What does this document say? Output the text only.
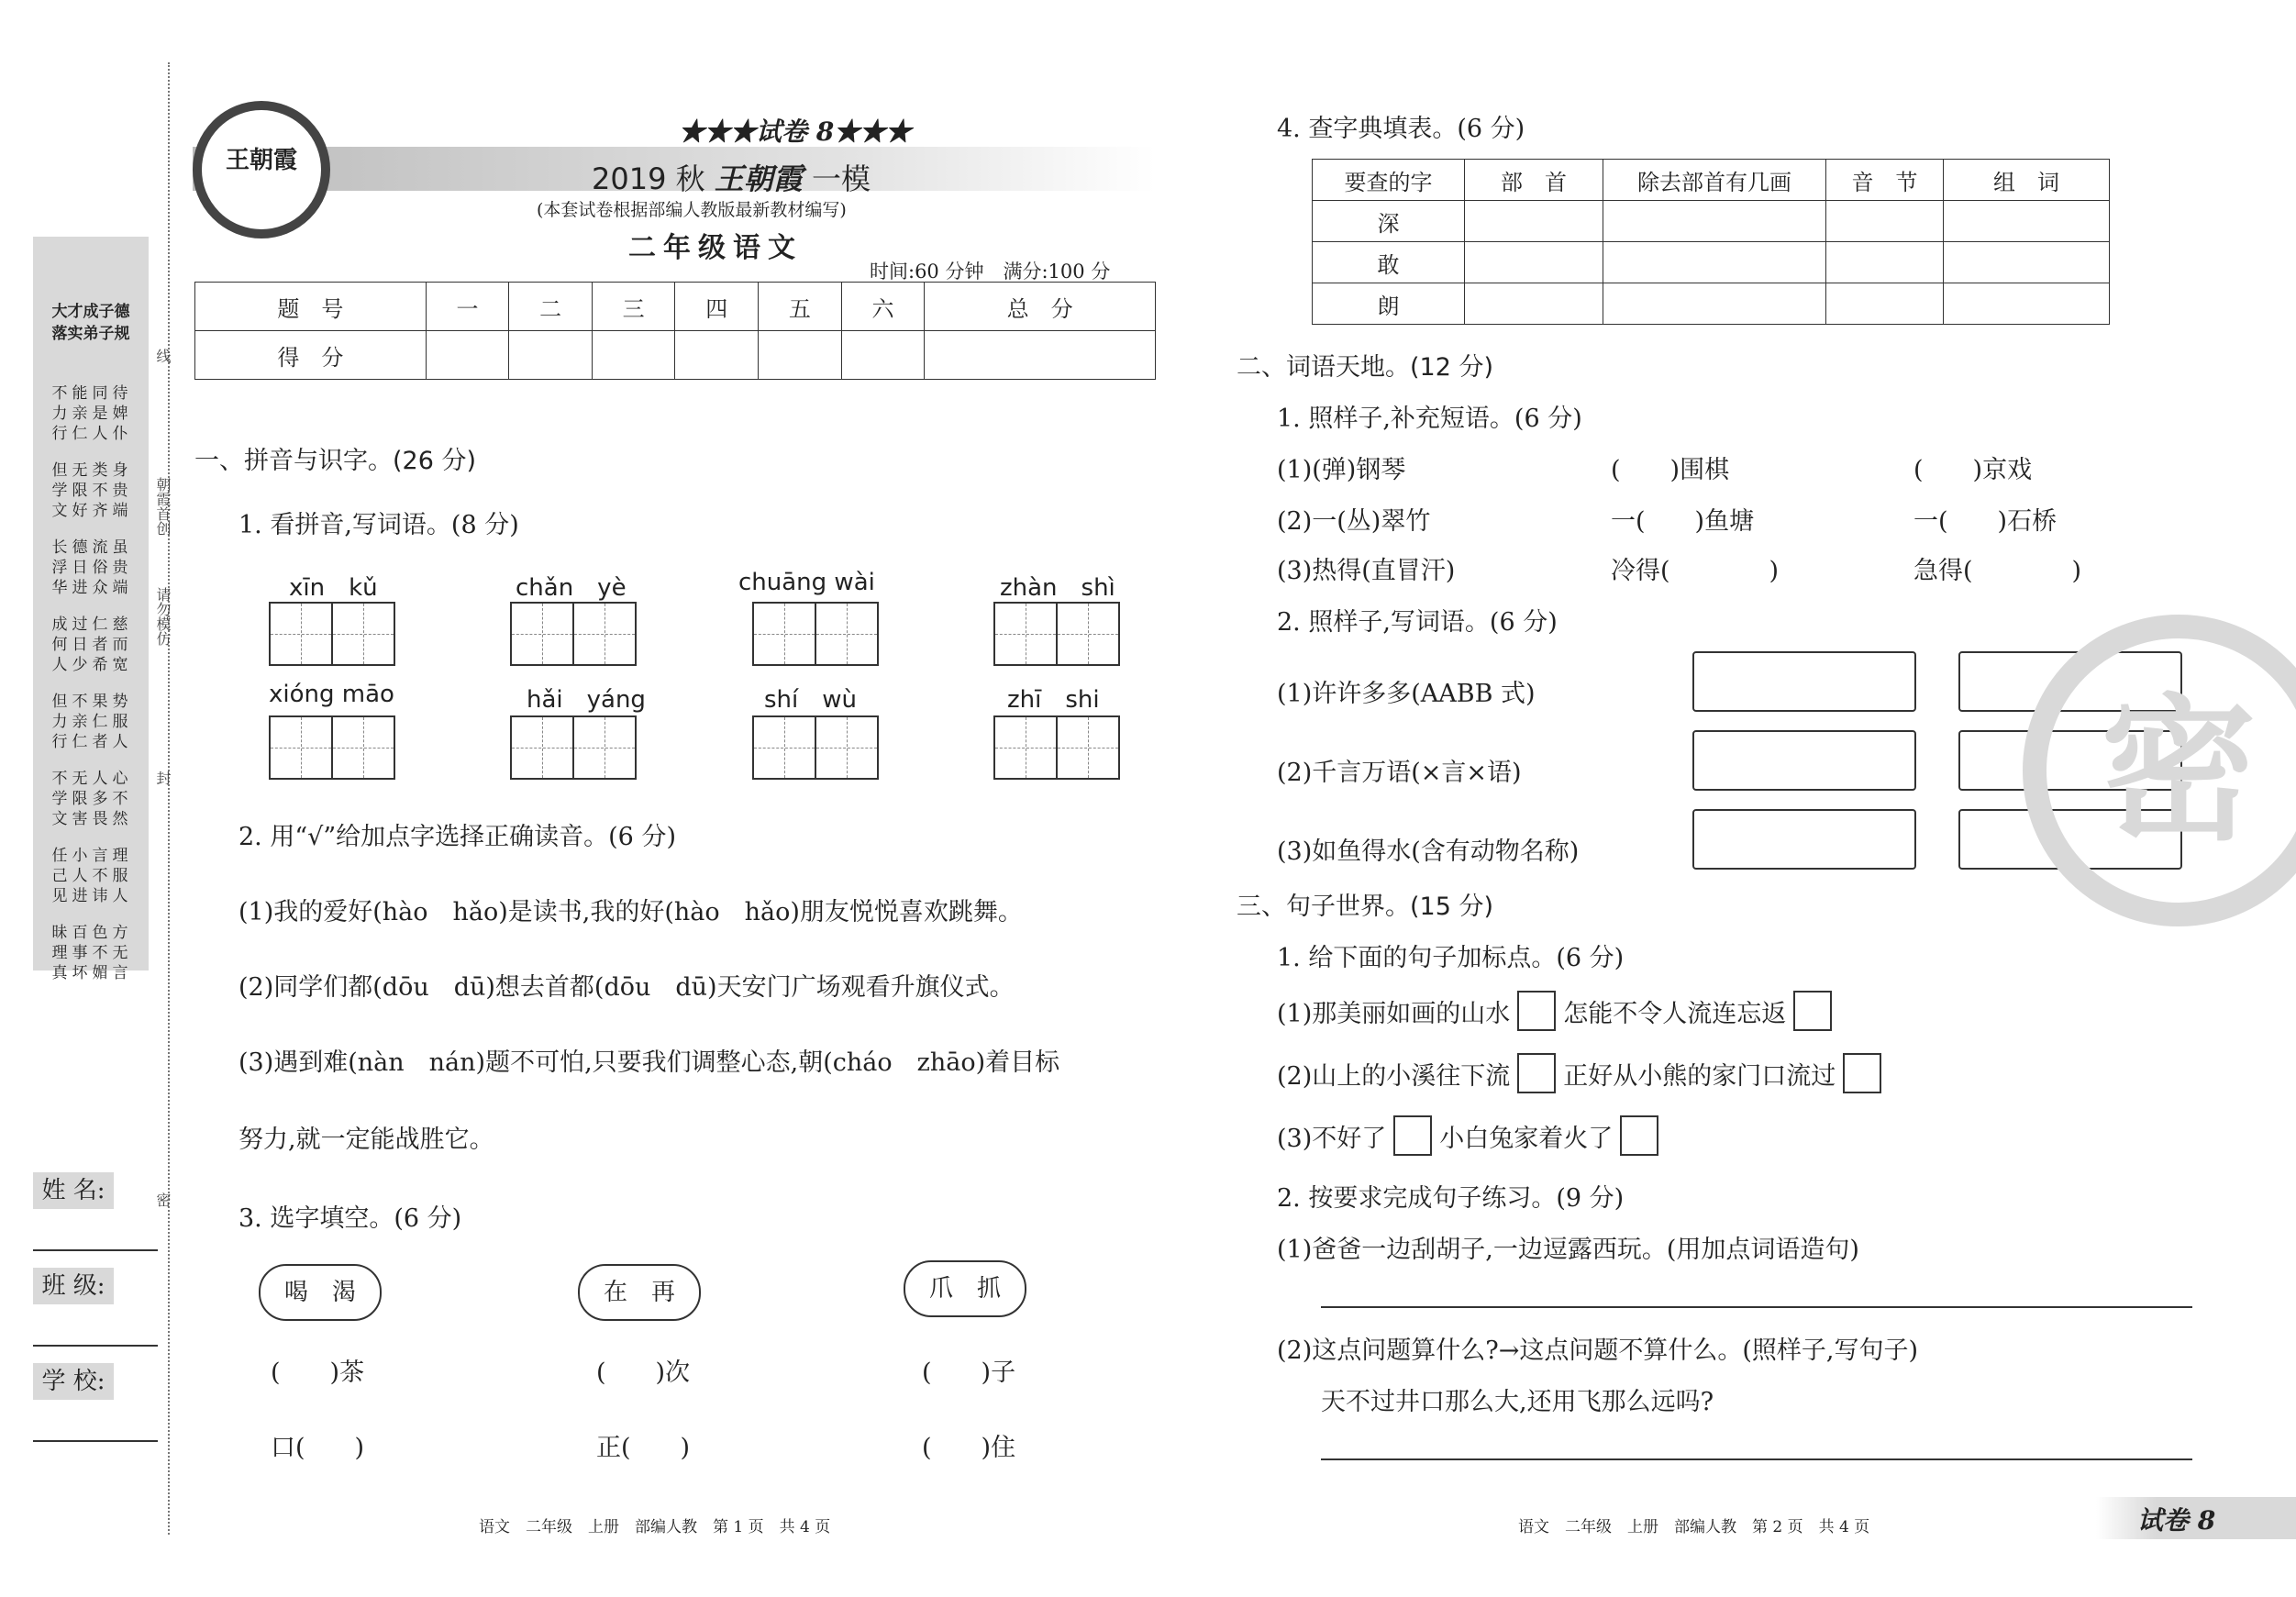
大才成子德
落实弟子规
不 能 同 待
力 亲 是 婢
行 仁 人 仆
但 无 类 身
学 限 不 贵
文 好 齐 端
长 德 流 虽
浮 日 俗 贵
华 进 众 端
成 过 仁 慈
何 日 者 而
人 少 希 宽
但 不 果 势
力 亲 仁 服
行 仁 者 人
不 无 人 心
学 限 多 不
文 害 畏 然
任 小 言 理
己 人 不 服
见 进 讳 人
昧 百 色 方
理 事 不 无
真 坏 媚 言
线
朝霞首创
请勿模仿
封
密
姓 名:
班 级:
学 校:
王朝霞
★★★试卷 8★★★
2019 秋 王朝霞 一模
(本套试卷根据部编人教版最新教材编写)
二年级语文
时间:60 分钟　 满分:100 分
题　号	一	二	三	四	五	六	总　分
得　分							
一、拼音与识字。(26 分)
1. 看拼音,写词语。(8 分)
xīn　kǔ	chǎn　yè	chuāng wài	zhàn　shì
xióng māo	hǎi　yáng	shí　wù	zhī　shi
2. 用“√”给加点字选择正确读音。(6 分)
(1)我的爱好(hào　hǎo)是读书,我的好(hào　hǎo)朋友悦悦喜欢跳舞。
(2)同学们都(dōu　dū)想去首都(dōu　dū)天安门广场观看升旗仪式。
(3)遇到难(nàn　nán)题不可怕,只要我们调整心态,朝(cháo　zhāo)着目标
努力,就一定能战胜它。
3. 选字填空。(6 分)
喝　渴	在　再	爪　抓
(　　)茶	(　　)次	(　　)子
口(　　)	正(　　)	(　　)住
语文　二年级　上册　部编人教　第 1 页　共 4 页
4. 查字典填表。(6 分)
要查的字	部　首	除去部首有几画	音　节	组　词
深				
敢				
朗				
二、词语天地。(12 分)
1. 照样子,补充短语。(6 分)
(1)(弹)钢琴	(　　)围棋	(　　)京戏
(2)一(丛)翠竹	一(　　)鱼塘	一(　　)石桥
(3)热得(直冒汗)	冷得(　　　　)	急得(　　　　)
2. 照样子,写词语。(6 分)
(1)许许多多(AABB 式)
(2)千言万语(×言×语)
(3)如鱼得水(含有动物名称)
三、句子世界。(15 分)
1. 给下面的句子加标点。(6 分)
(1)那美丽如画的山水 怎能不令人流连忘返
(2)山上的小溪往下流 正好从小熊的家门口流过
(3)不好了 小白兔家着火了
2. 按要求完成句子练习。(9 分)
(1)爸爸一边刮胡子,一边逗露西玩。(用加点词语造句)
(2)这点问题算什么?→这点问题不算什么。(照样子,写句子)
天不过井口那么大,还用飞那么远吗?
密
语文　二年级　上册　部编人教　第 2 页　共 4 页	试卷 8
